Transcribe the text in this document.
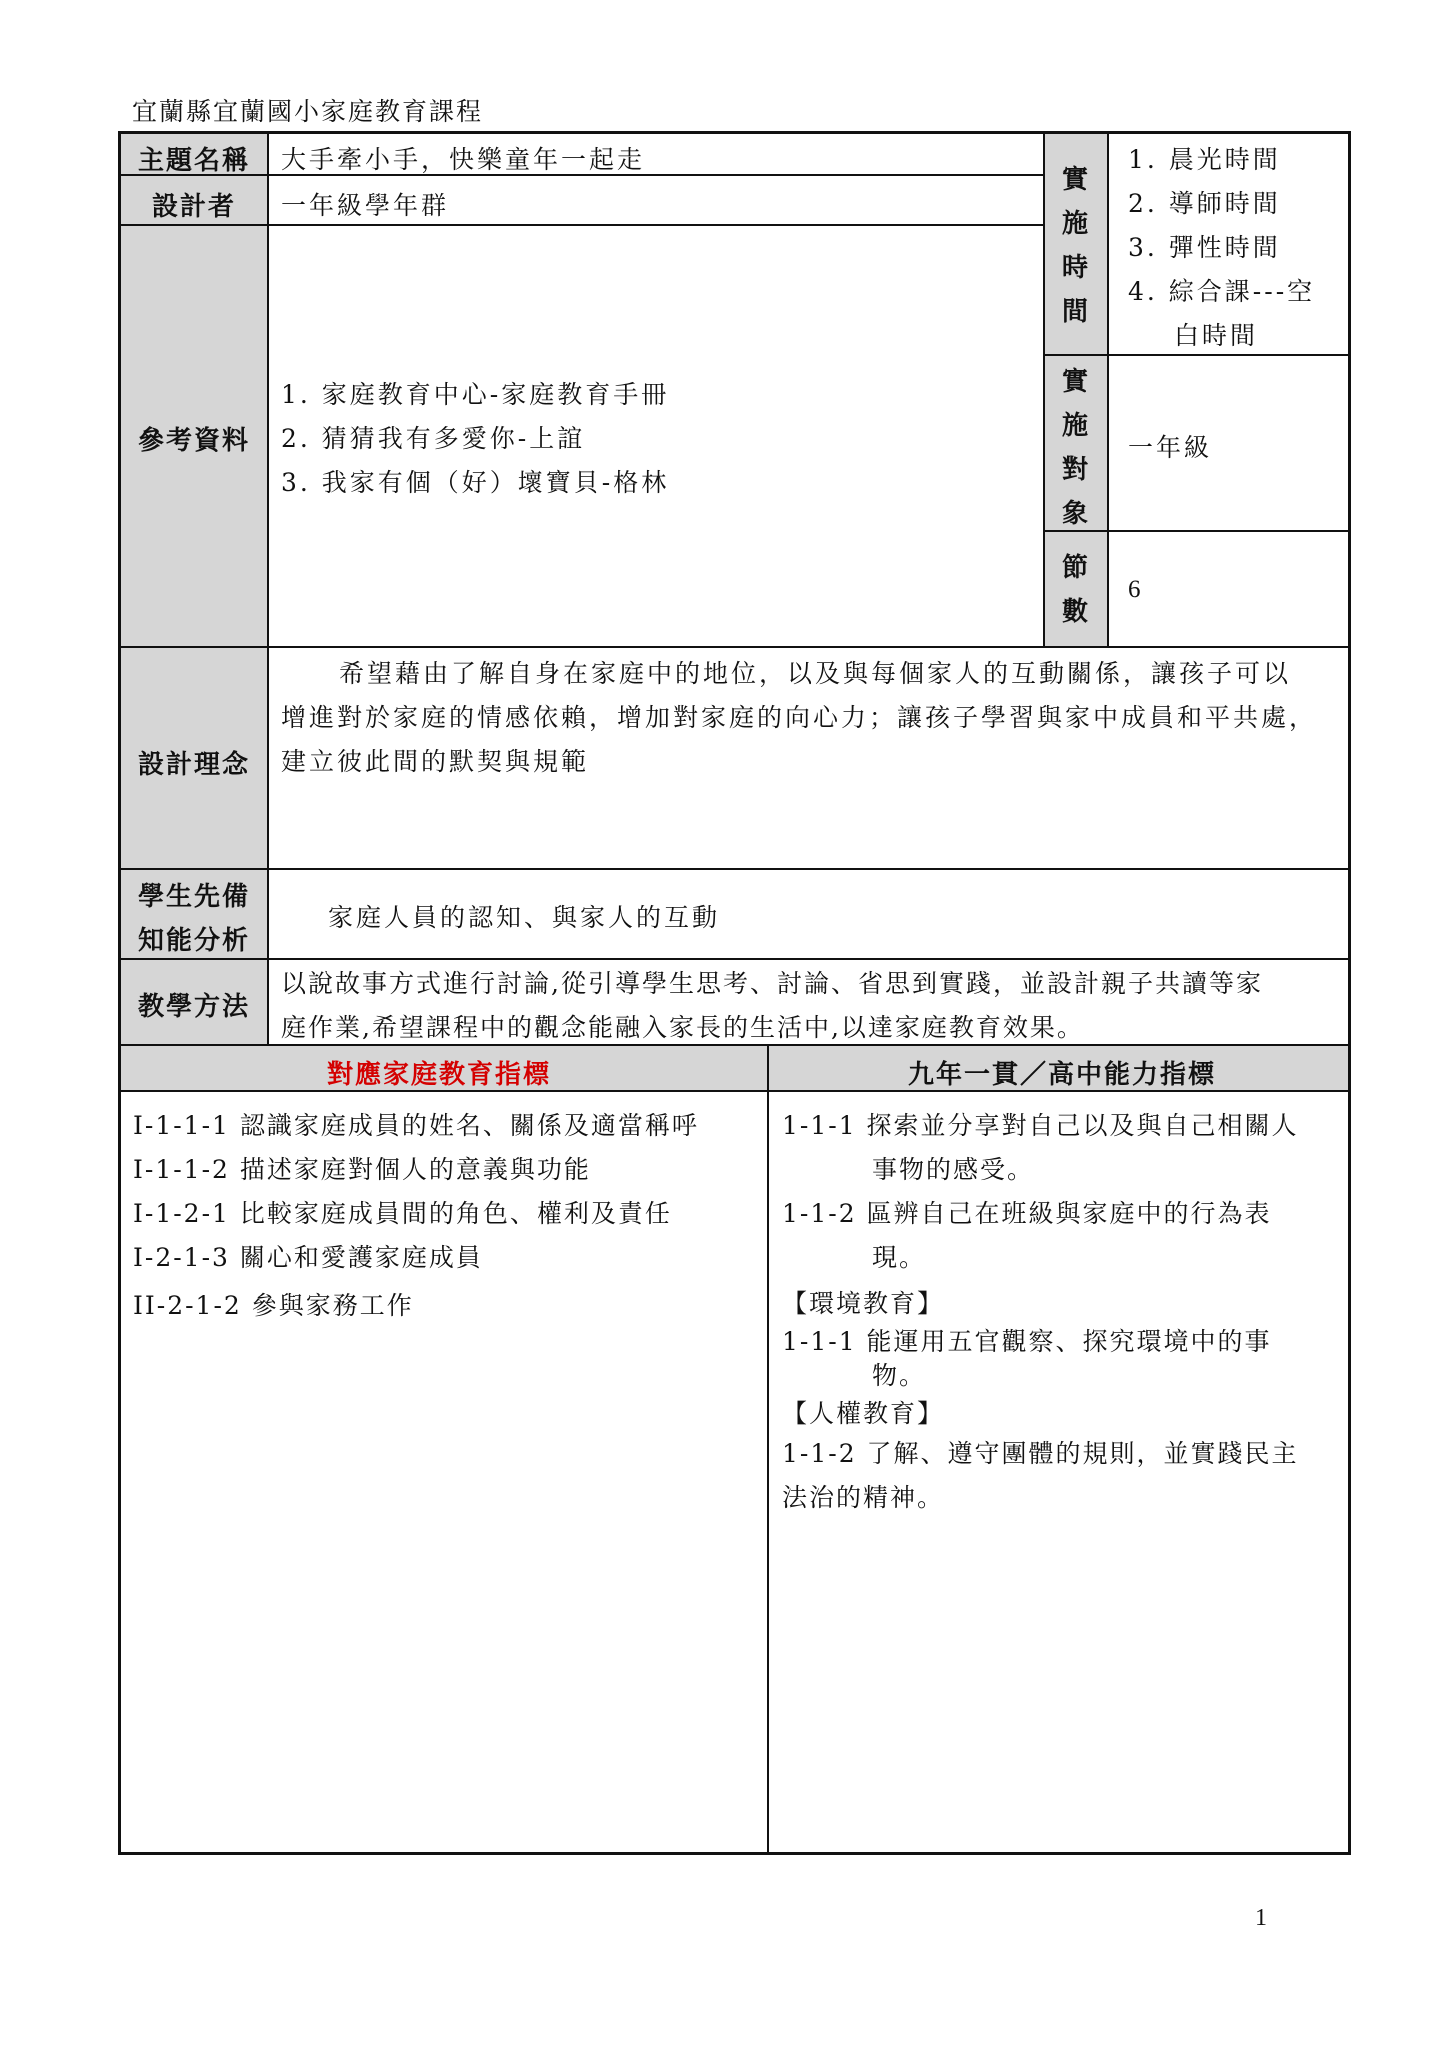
宜蘭縣宜蘭國小家庭教育課程
主題名稱 大手牽小手，快樂童年一起走
設計者 一年級學年群
參考資料
1. 家庭教育中心-家庭教育手冊
2. 猜猜我有多愛你-上誼
3. 我家有個（好）壞寶貝-格林
實
施
時
間
1. 晨光時間
2. 導師時間
3. 彈性時間
4. 綜合課---空
白時間
實
施
對
象
一年級
節
數
6
設計理念
希望藉由了解自身在家庭中的地位，以及與每個家人的互動關係，讓孩子可以
增進對於家庭的情感依賴，增加對家庭的向心力；讓孩子學習與家中成員和平共處，
建立彼此間的默契與規範
學生先備
知能分析
家庭人員的認知、與家人的互動
教學方法
以說故事方式進行討論,從引導學生思考、討論、省思到實踐，並設計親子共讀等家
庭作業,希望課程中的觀念能融入家長的生活中,以達家庭教育效果。
對應家庭教育指標	九年一貫／高中能力指標
I-1-1-1 認識家庭成員的姓名、關係及適當稱呼
I-1-1-2 描述家庭對個人的意義與功能
I-1-2-1 比較家庭成員間的角色、權利及責任
I-2-1-3 關心和愛護家庭成員
II-2-1-2 參與家務工作
1-1-1 探索並分享對自己以及與自己相關人
事物的感受。
1-1-2 區辨自己在班級與家庭中的行為表
現。
【環境教育】
1-1-1 能運用五官觀察、探究環境中的事
物。
【人權教育】
1-1-2 了解、遵守團體的規則，並實踐民主
法治的精神。
1
